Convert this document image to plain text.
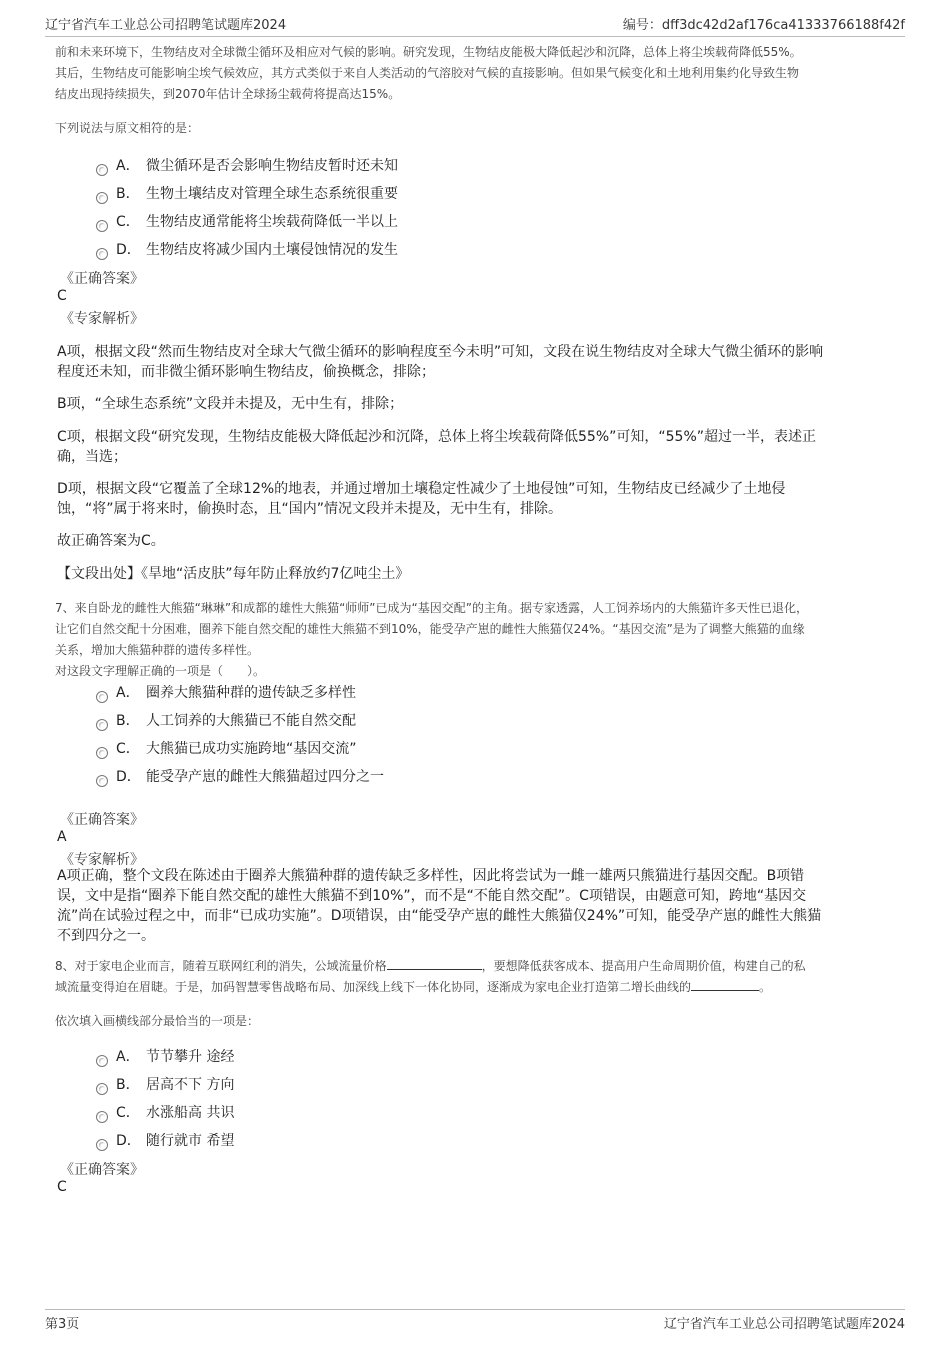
辽宁省汽车工业总公司招聘笔试题库2024	编号：dff3dc42d2af176ca41333766188f42f
前和未来环境下，生物结皮对全球微尘循环及相应对气候的影响。研究发现，生物结皮能极大降低起沙和沉降，总体上将尘埃载荷降低55%。
其后，生物结皮可能影响尘埃气候效应，其方式类似于来自人类活动的气溶胶对气候的直接影响。但如果气候变化和土地利用集约化导致生物
结皮出现持续损失，到2070年估计全球扬尘载荷将提高达15%。
下列说法与原文相符的是：
A． 微尘循环是否会影响生物结皮暂时还未知
B． 生物土壤结皮对管理全球生态系统很重要
C． 生物结皮通常能将尘埃载荷降低一半以上
D． 生物结皮将减少国内土壤侵蚀情况的发生
《正确答案》
C
《专家解析》
A项，根据文段“然而生物结皮对全球大气微尘循环的影响程度至今未明”可知，文段在说生物结皮对全球大气微尘循环的影响
程度还未知，而非微尘循环影响生物结皮，偷换概念，排除；
B项，“全球生态系统”文段并未提及，无中生有，排除；
C项，根据文段“研究发现，生物结皮能极大降低起沙和沉降，总体上将尘埃载荷降低55%”可知，“55%”超过一半，表述正
确，当选；
D项，根据文段“它覆盖了全球12%的地表，并通过增加土壤稳定性减少了土地侵蚀”可知，生物结皮已经减少了土地侵
蚀，“将”属于将来时，偷换时态，且“国内”情况文段并未提及，无中生有，排除。
故正确答案为C。
【文段出处】《旱地“活皮肤”每年防止释放约7亿吨尘土》
7、来自卧龙的雌性大熊猫“琳琳”和成都的雄性大熊猫“师师”已成为“基因交配”的主角。据专家透露，人工饲养场内的大熊猫许多天性已退化，
让它们自然交配十分困难，圈养下能自然交配的雄性大熊猫不到10%，能受孕产崽的雌性大熊猫仅24%。“基因交流”是为了调整大熊猫的血缘
关系，增加大熊猫种群的遗传多样性。
对这段文字理解正确的一项是（　　）。
A． 圈养大熊猫种群的遗传缺乏多样性
B． 人工饲养的大熊猫已不能自然交配
C． 大熊猫已成功实施跨地“基因交流”
D． 能受孕产崽的雌性大熊猫超过四分之一
《正确答案》
A
《专家解析》
A项正确，整个文段在陈述由于圈养大熊猫种群的遗传缺乏多样性，因此将尝试为一雌一雄两只熊猫进行基因交配。B项错
误，文中是指“圈养下能自然交配的雄性大熊猫不到10%”，而不是“不能自然交配”。C项错误，由题意可知，跨地“基因交
流”尚在试验过程之中，而非“已成功实施”。D项错误，由“能受孕产崽的雌性大熊猫仅24%”可知，能受孕产崽的雌性大熊猫
不到四分之一。
8、对于家电企业而言，随着互联网红利的消失，公域流量价格	，要想降低获客成本、提高用户生命周期价值，构建自己的私
域流量变得迫在眉睫。于是，加码智慧零售战略布局、加深线上线下一体化协同，逐渐成为家电企业打造第二增长曲线的	。
依次填入画横线部分最恰当的一项是：
A． 节节攀升 途经
B． 居高不下 方向
C． 水涨船高 共识
D． 随行就市 希望
《正确答案》
C
第3页	辽宁省汽车工业总公司招聘笔试题库2024
